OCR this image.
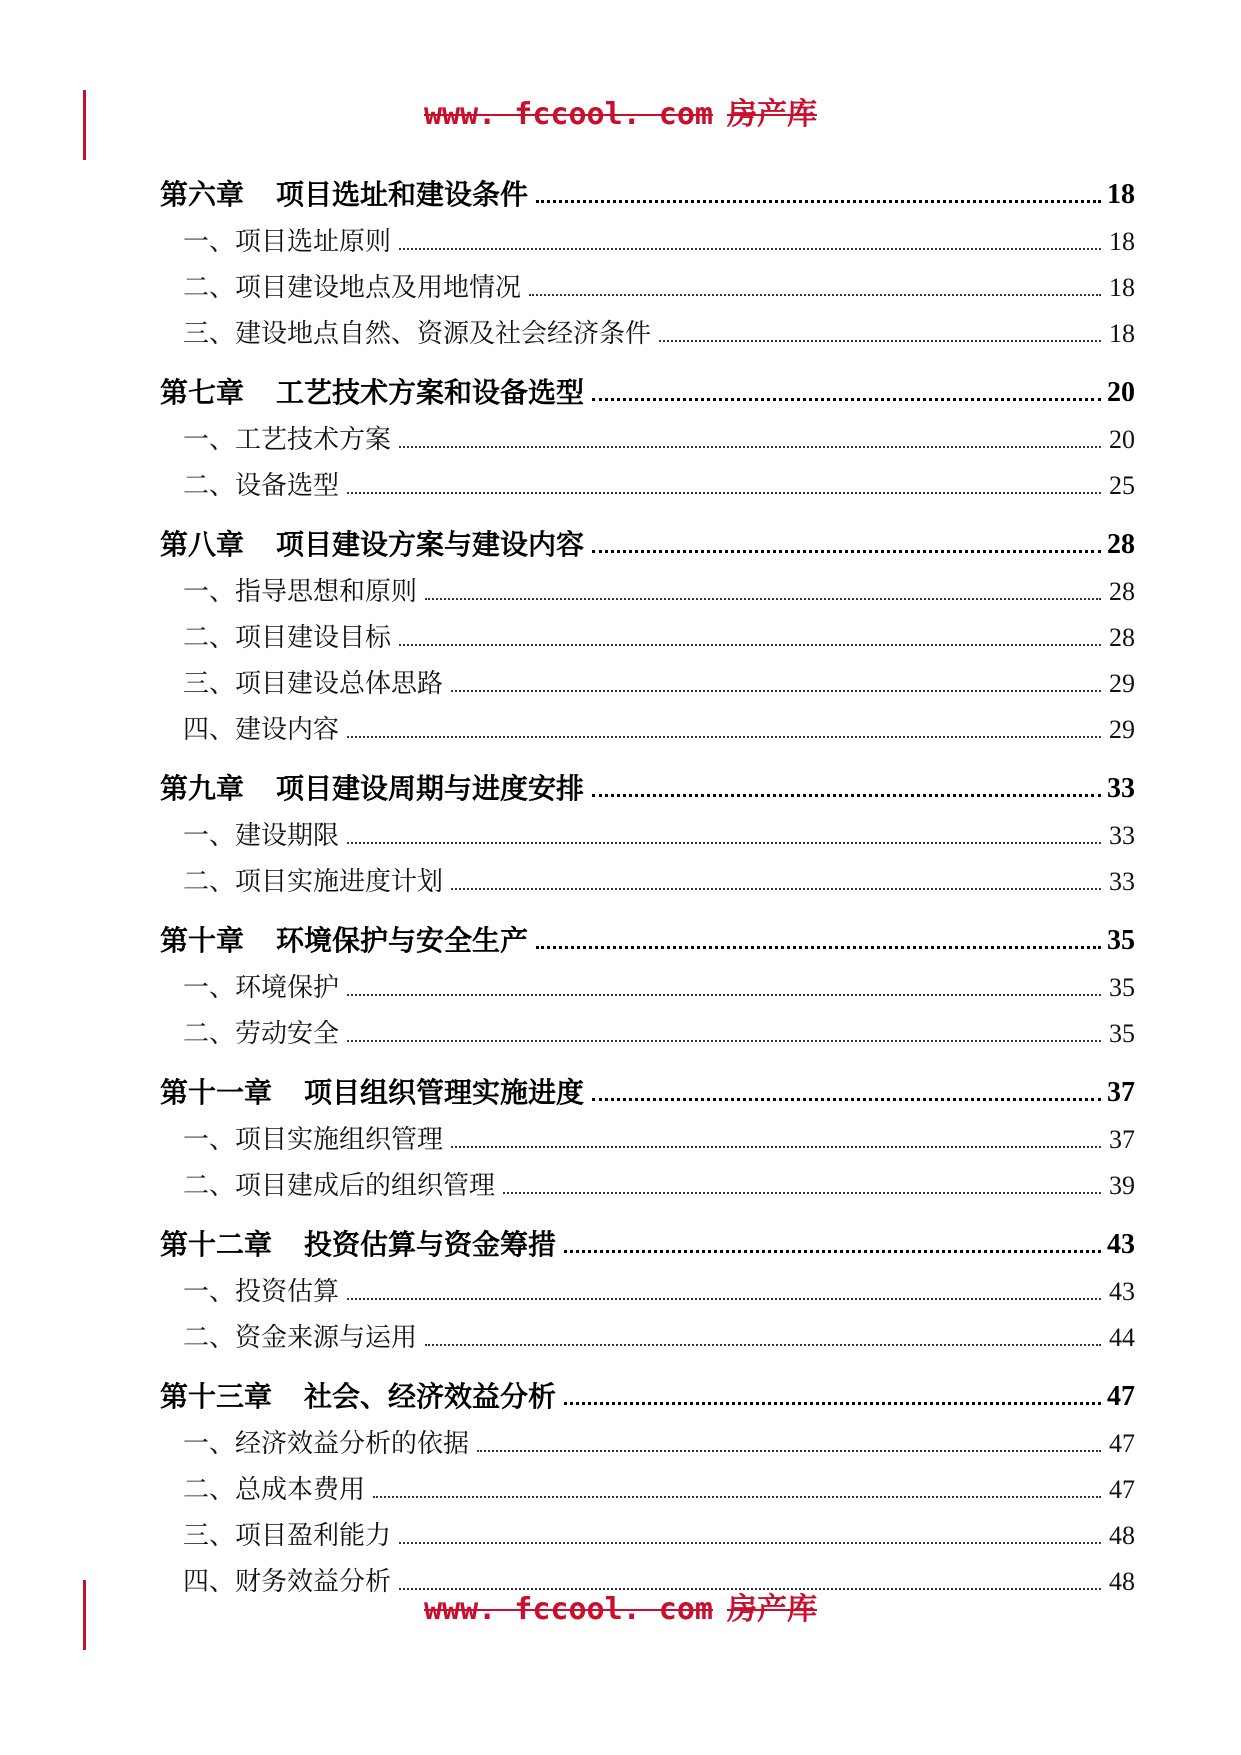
www. fccool. com 房产库
第六章 项目选址和建设条件	18
一、 项目选址原则	18
二、 项目建设地点及用地情况	18
三、 建设地点自然、资源及社会经济条件	18
第七章 工艺技术方案和设备选型	20
一、 工艺技术方案	20
二、 设备选型	25
第八章 项目建设方案与建设内容	28
一、 指导思想和原则	28
二、 项目建设目标	28
三、 项目建设总体思路	29
四、 建设内容	29
第九章 项目建设周期与进度安排	33
一、 建设期限	33
二、 项目实施进度计划	33
第十章 环境保护与安全生产	35
一、 环境保护	35
二、 劳动安全	35
第十一章 项目组织管理实施进度	37
一、 项目实施组织管理	37
二、 项目建成后的组织管理	39
第十二章 投资估算与资金筹措	43
一、 投资估算	43
二、 资金来源与运用	44
第十三章 社会、经济效益分析	47
一、 经济效益分析的依据	47
二、 总成本费用	47
三、 项目盈利能力	48
四、 财务效益分析	48
www. fccool. com 房产库
